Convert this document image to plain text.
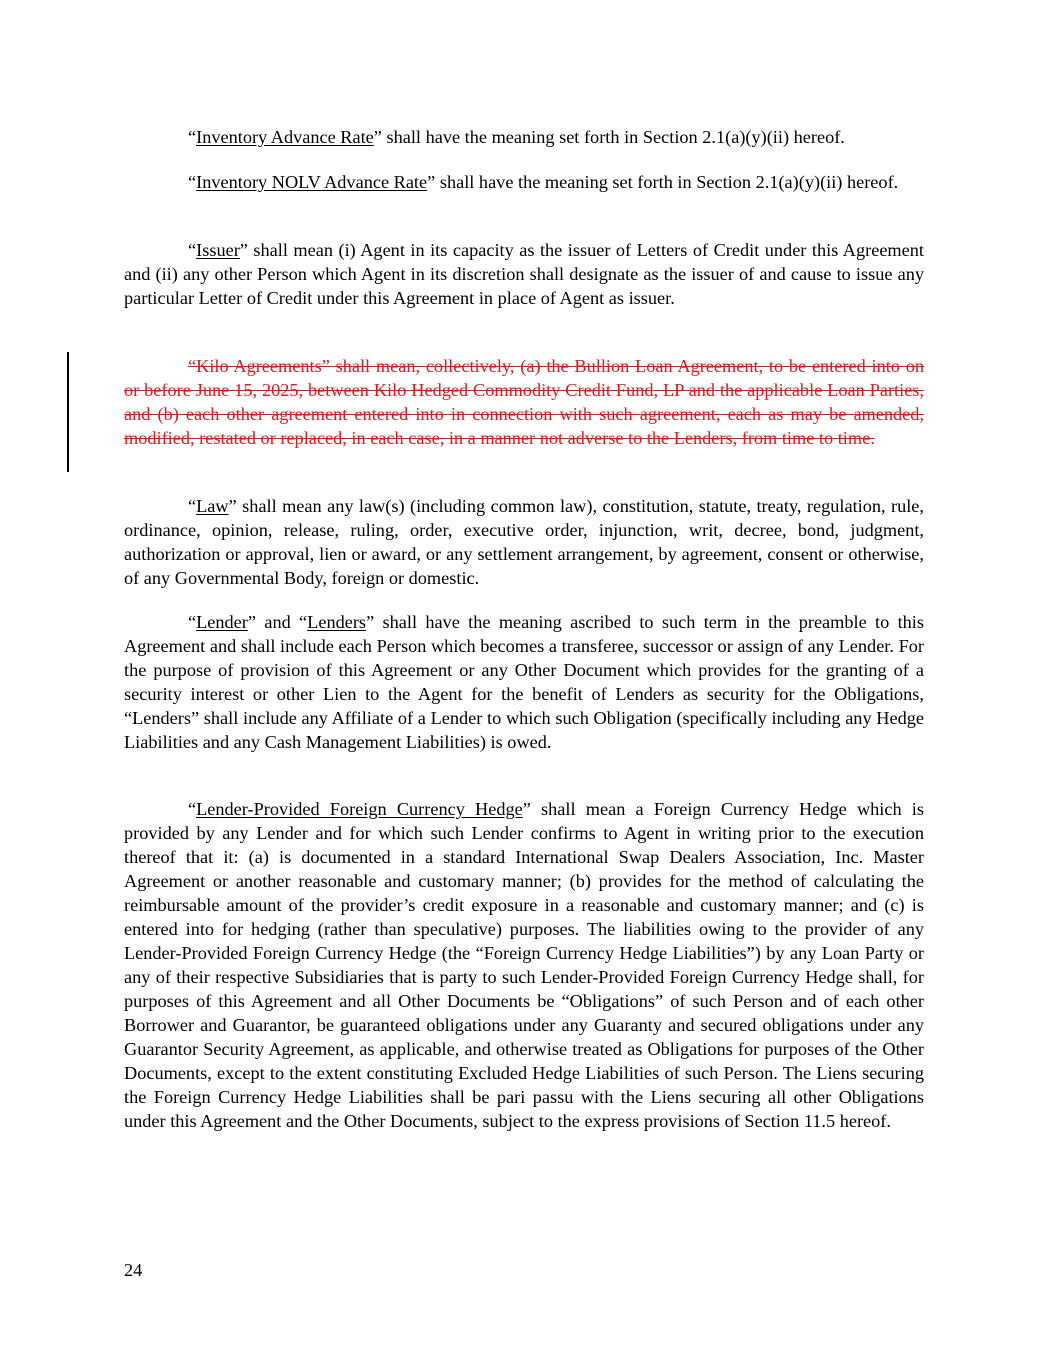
“Inventory Advance Rate” shall have the meaning set forth in Section 2.1(a)(y)(ii) hereof.

“Inventory NOLV Advance Rate” shall have the meaning set forth in Section 2.1(a)(y)(ii) hereof.

“Issuer” shall mean (i) Agent in its capacity as the issuer of Letters of Credit under this Agreement and (ii) any other Person which Agent in its discretion shall designate as the issuer of and cause to issue any particular Letter of Credit under this Agreement in place of Agent as issuer.

“Kilo Agreements” shall mean, collectively, (a) the Bullion Loan Agreement, to be entered into on or before June 15, 2025, between Kilo Hedged Commodity Credit Fund, LP and the applicable Loan Parties, and (b) each other agreement entered into in connection with such agreement, each as may be amended, modified, restated or replaced, in each case, in a manner not adverse to the Lenders, from time to time.

“Law” shall mean any law(s) (including common law), constitution, statute, treaty, regulation, rule, ordinance, opinion, release, ruling, order, executive order, injunction, writ, decree, bond, judgment, authorization or approval, lien or award, or any settlement arrangement, by agreement, consent or otherwise, of any Governmental Body, foreign or domestic.

“Lender” and “Lenders” shall have the meaning ascribed to such term in the preamble to this Agreement and shall include each Person which becomes a transferee, successor or assign of any Lender. For the purpose of provision of this Agreement or any Other Document which provides for the granting of a security interest or other Lien to the Agent for the benefit of Lenders as security for the Obligations, “Lenders” shall include any Affiliate of a Lender to which such Obligation (specifically including any Hedge Liabilities and any Cash Management Liabilities) is owed.

“Lender-Provided Foreign Currency Hedge” shall mean a Foreign Currency Hedge which is provided by any Lender and for which such Lender confirms to Agent in writing prior to the execution thereof that it: (a) is documented in a standard International Swap Dealers Association, Inc. Master Agreement or another reasonable and customary manner; (b) provides for the method of calculating the reimbursable amount of the provider’s credit exposure in a reasonable and customary manner; and (c) is entered into for hedging (rather than speculative) purposes. The liabilities owing to the provider of any Lender-Provided Foreign Currency Hedge (the “Foreign Currency Hedge Liabilities”) by any Loan Party or any of their respective Subsidiaries that is party to such Lender-Provided Foreign Currency Hedge shall, for purposes of this Agreement and all Other Documents be “Obligations” of such Person and of each other Borrower and Guarantor, be guaranteed obligations under any Guaranty and secured obligations under any Guarantor Security Agreement, as applicable, and otherwise treated as Obligations for purposes of the Other Documents, except to the extent constituting Excluded Hedge Liabilities of such Person. The Liens securing the Foreign Currency Hedge Liabilities shall be pari passu with the Liens securing all other Obligations under this Agreement and the Other Documents, subject to the express provisions of Section 11.5 hereof.

24
